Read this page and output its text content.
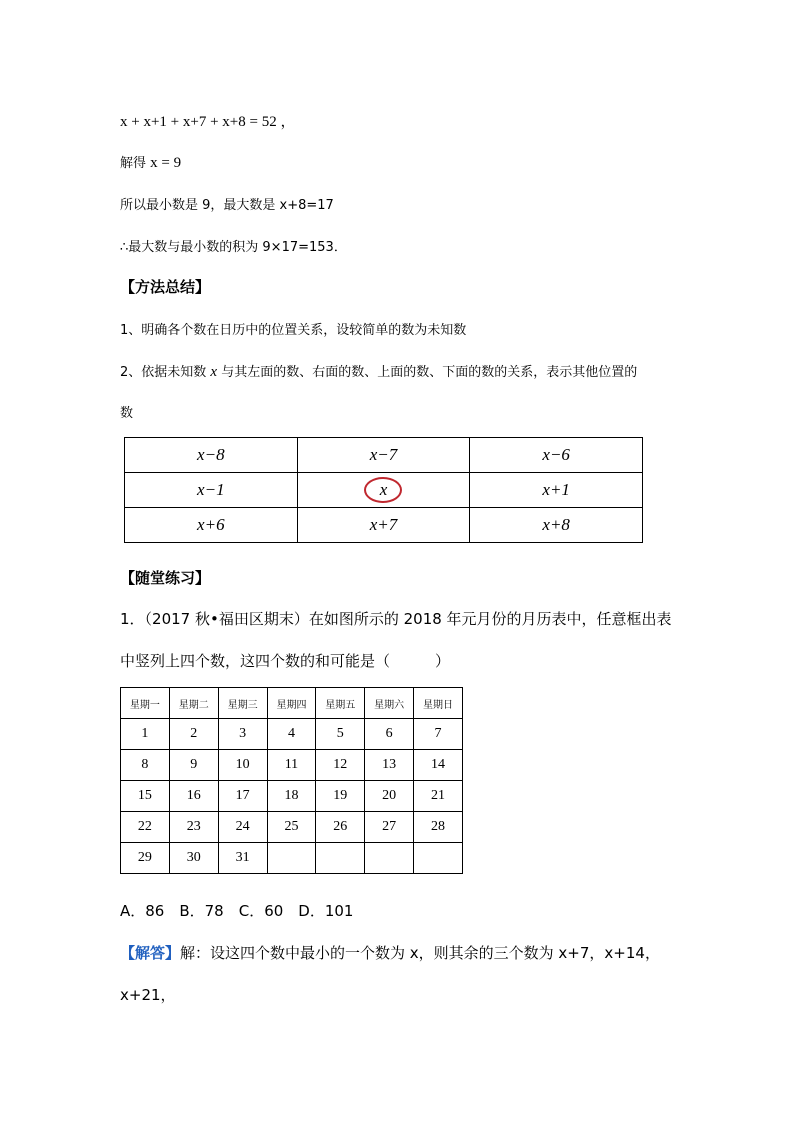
x + x+1 + x+7 + x+8 = 52 ，
解得 x = 9
所以最小数是 9，最大数是 x+8=17
∴最大数与最小数的积为 9×17=153．
【方法总结】
1、明确各个数在日历中的位置关系，设较简单的数为未知数
2、依据未知数 x 与其左面的数、右面的数、上面的数、下面的数的关系，表示其他位置的
数
x−8	x−7	x−6
x−1	x	x+1
x+6	x+7	x+8
【随堂练习】
1．（2017 秋•福田区期末）在如图所示的 2018 年元月份的月历表中，任意框出表
中竖列上四个数，这四个数的和可能是（　　　）
星期一	星期二	星期三	星期四	星期五	星期六	星期日
1	2	3	4	5	6	7
8	9	10	11	12	13	14
15	16	17	18	19	20	21
22	23	24	25	26	27	28
29	30	31				
A．86　B．78　C．60　D．101
【解答】解：设这四个数中最小的一个数为 x，则其余的三个数为 x+7，x+14，
x+21，
